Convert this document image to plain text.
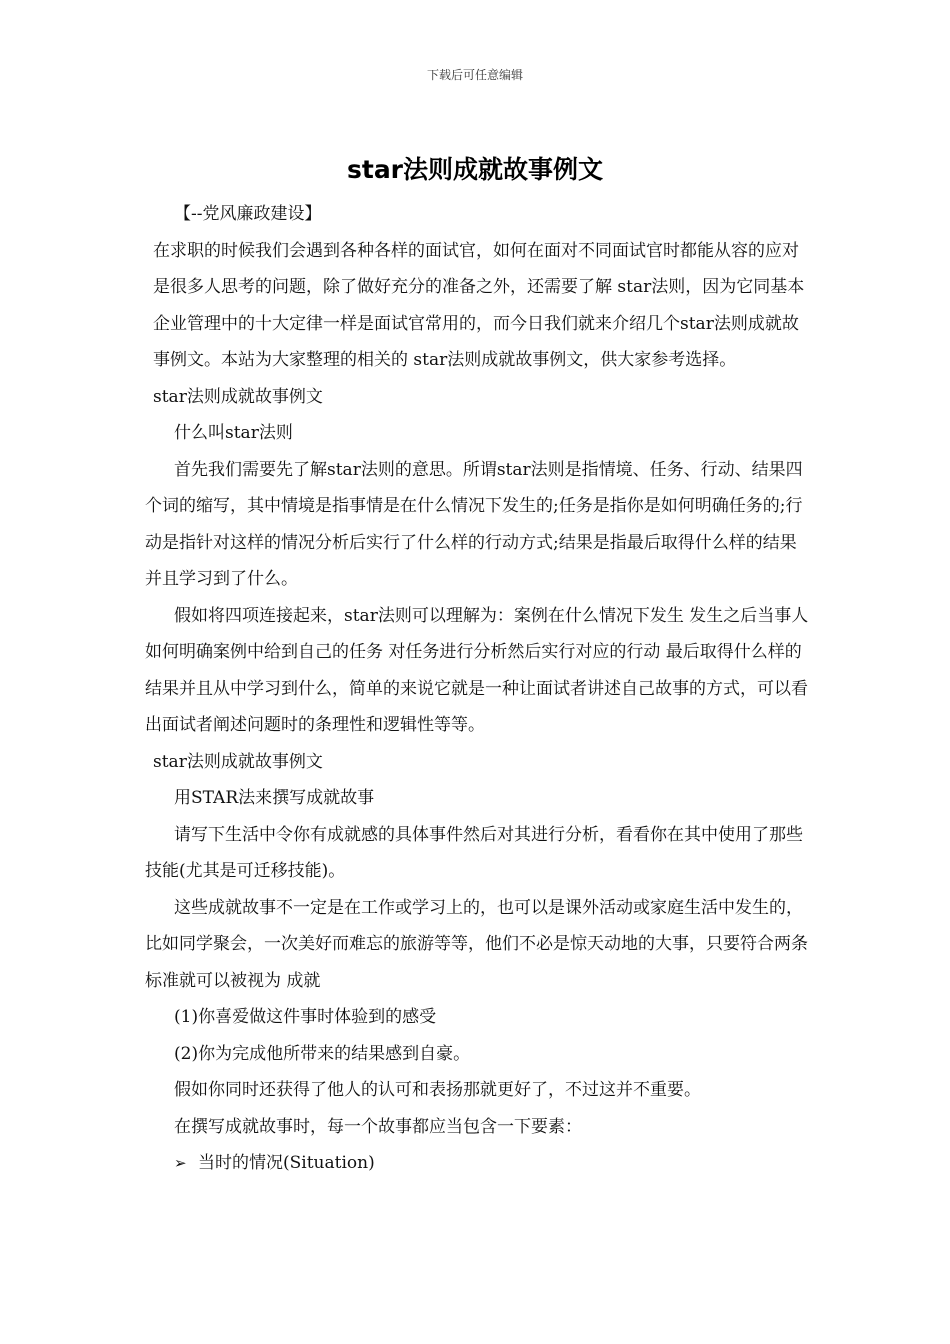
下载后可任意编辑
star法则成就故事例文

【--党风廉政建设】

在求职的时候我们会遇到各种各样的面试官，如何在面对不同面试官时都能从容的应对是很多人思考的问题，除了做好充分的准备之外，还需要了解 star法则，因为它同基本企业管理中的十大定律一样是面试官常用的，而今日我们就来介绍几个star法则成就故事例文。本站为大家整理的相关的 star法则成就故事例文，供大家参考选择。

star法则成就故事例文

什么叫star法则

首先我们需要先了解star法则的意思。所谓star法则是指情境、任务、行动、结果四个词的缩写，其中情境是指事情是在什么情况下发生的;任务是指你是如何明确任务的;行动是指针对这样的情况分析后实行了什么样的行动方式;结果是指最后取得什么样的结果并且学习到了什么。

假如将四项连接起来，star法则可以理解为：案例在什么情况下发生 发生之后当事人如何明确案例中给到自己的任务 对任务进行分析然后实行对应的行动 最后取得什么样的结果并且从中学习到什么，简单的来说它就是一种让面试者讲述自己故事的方式，可以看出面试者阐述问题时的条理性和逻辑性等等。

star法则成就故事例文

用STAR法来撰写成就故事

请写下生活中令你有成就感的具体事件然后对其进行分析，看看你在其中使用了那些技能(尤其是可迁移技能)。

这些成就故事不一定是在工作或学习上的，也可以是课外活动或家庭生活中发生的，比如同学聚会，一次美好而难忘的旅游等等，他们不必是惊天动地的大事，只要符合两条标准就可以被视为 成就

(1)你喜爱做这件事时体验到的感受

(2)你为完成他所带来的结果感到自豪。

假如你同时还获得了他人的认可和表扬那就更好了，不过这并不重要。

在撰写成就故事时，每一个故事都应当包含一下要素：

➢ 当时的情况(Situation)
